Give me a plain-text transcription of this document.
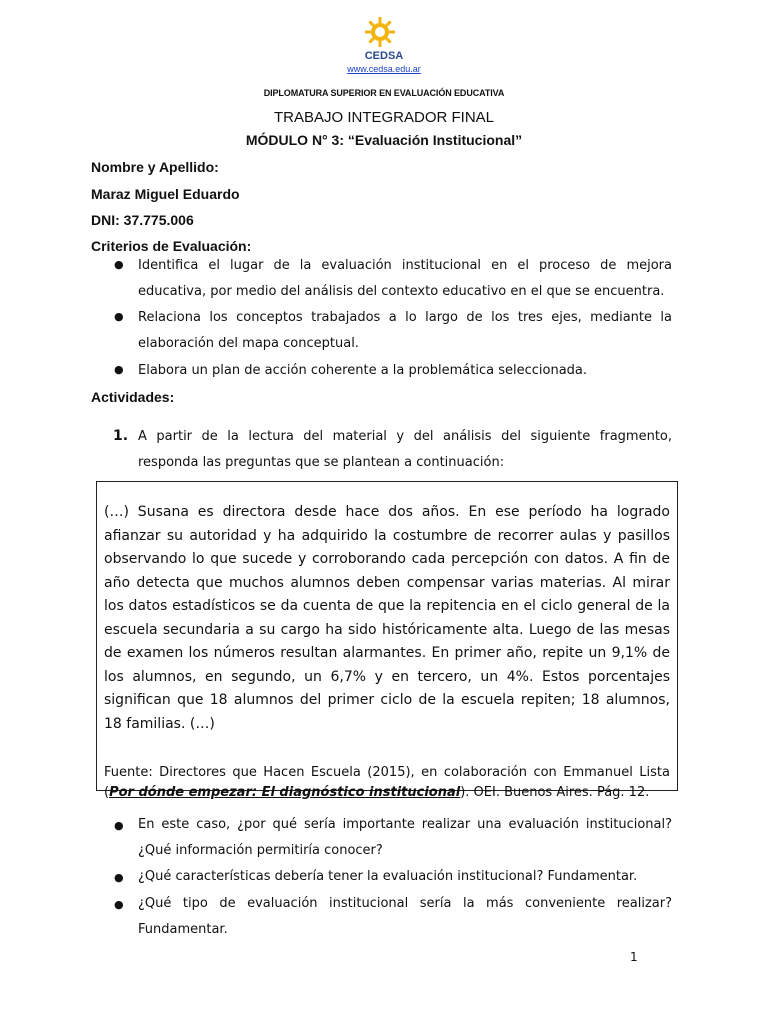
CEDSA
www.cedsa.edu.ar
DIPLOMATURA SUPERIOR EN EVALUACIÓN EDUCATIVA
TRABAJO INTEGRADOR FINAL
MÓDULO N° 3: “Evaluación Institucional”
Nombre y Apellido:
Maraz Miguel Eduardo
DNI: 37.775.006
Criterios de Evaluación:
● Identifica el lugar de la evaluación institucional en el proceso de mejora educativa, por medio del análisis del contexto educativo en el que se encuentra.
● Relaciona los conceptos trabajados a lo largo de los tres ejes, mediante la elaboración del mapa conceptual.
● Elabora un plan de acción coherente a la problemática seleccionada.
Actividades:
1. A partir de la lectura del material y del análisis del siguiente fragmento, responda las preguntas que se plantean a continuación:
(…) Susana es directora desde hace dos años. En ese período ha logrado afianzar su autoridad y ha adquirido la costumbre de recorrer aulas y pasillos observando lo que sucede y corroborando cada percepción con datos. A fin de año detecta que muchos alumnos deben compensar varias materias. Al mirar los datos estadísticos se da cuenta de que la repitencia en el ciclo general de la escuela secundaria a su cargo ha sido históricamente alta. Luego de las mesas de examen los números resultan alarmantes. En primer año, repite un 9,1% de los alumnos, en segundo, un 6,7% y en tercero, un 4%. Estos porcentajes significan que 18 alumnos del primer ciclo de la escuela repiten; 18 alumnos, 18 familias. (…)
Fuente: Directores que Hacen Escuela (2015), en colaboración con Emmanuel Lista (Por dónde empezar: El diagnóstico institucional). OEI. Buenos Aires. Pág. 12.
● En este caso, ¿por qué sería importante realizar una evaluación institucional? ¿Qué información permitiría conocer?
● ¿Qué características debería tener la evaluación institucional? Fundamentar.
● ¿Qué tipo de evaluación institucional sería la más conveniente realizar? Fundamentar.
1
